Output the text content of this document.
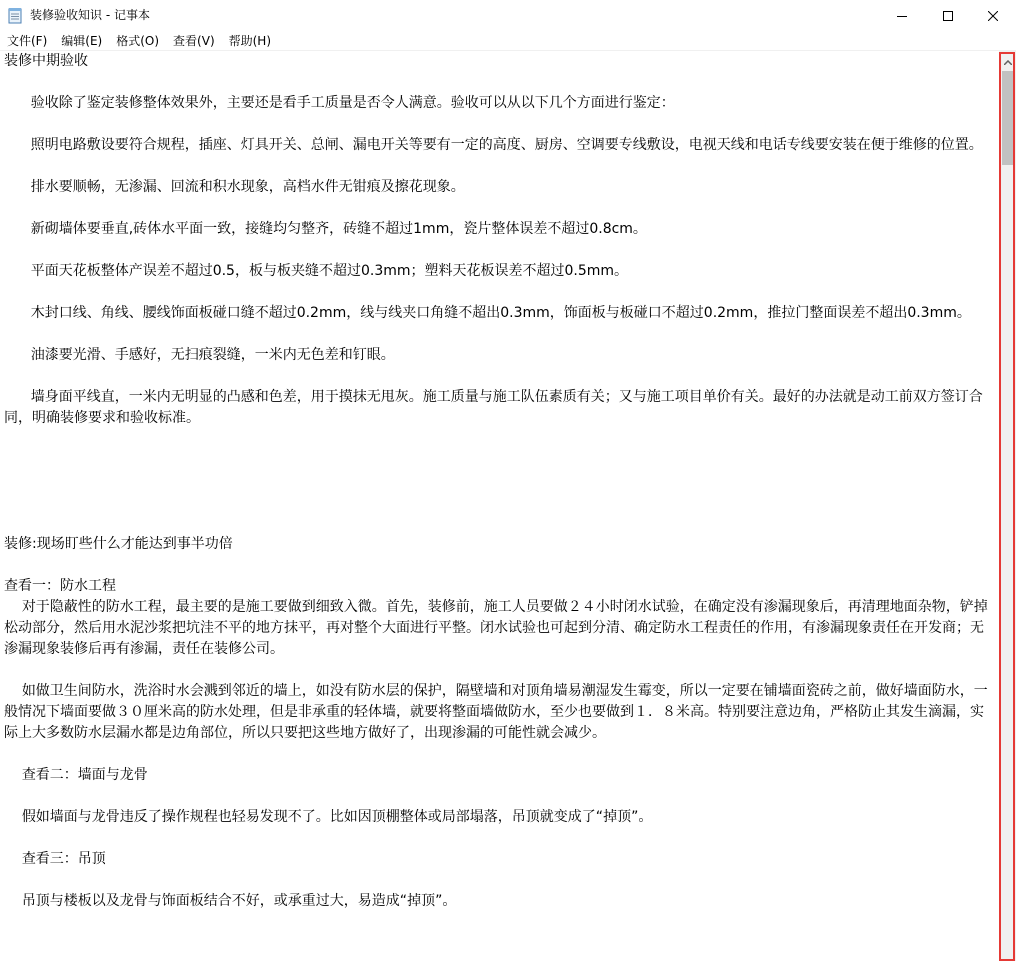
装修验收知识 - 记事本
文件(F)	编辑(E)	格式(O)	查看(V)	帮助(H)
装修中期验收
验收除了鉴定装修整体效果外，主要还是看手工质量是否令人满意。验收可以从以下几个方面进行鉴定：
照明电路敷设要符合规程，插座、灯具开关、总闸、漏电开关等要有一定的高度、厨房、空调要专线敷设，电视天线和电话专线要安装在便于维修的位置。
排水要顺畅，无渗漏、回流和积水现象，高档水件无钳痕及擦花现象。
新砌墙体要垂直,砖体水平面一致，接缝均匀整齐，砖缝不超过1mm，瓷片整体误差不超过0.8cm。
平面天花板整体产误差不超过0.5，板与板夹缝不超过0.3mm；塑料天花板误差不超过0.5mm。
木封口线、角线、腰线饰面板碰口缝不超过0.2mm，线与线夹口角缝不超出0.3mm，饰面板与板碰口不超过0.2mm，推拉门整面误差不超出0.3mm。
油漆要光滑、手感好，无扫痕裂缝，一米内无色差和钉眼。
墙身面平线直，一米内无明显的凸感和色差，用于摸抹无甩灰。施工质量与施工队伍素质有关；又与施工项目单价有关。最好的办法就是动工前双方签订合同，明确装修要求和验收标准。
装修:现场盯些什么才能达到事半功倍
查看一：防水工程
对于隐蔽性的防水工程，最主要的是施工要做到细致入微。首先，装修前，施工人员要做２４小时闭水试验，在确定没有渗漏现象后，再清理地面杂物，铲掉松动部分，然后用水泥沙浆把坑洼不平的地方抹平，再对整个大面进行平整。闭水试验也可起到分清、确定防水工程责任的作用，有渗漏现象责任在开发商；无渗漏现象装修后再有渗漏，责任在装修公司。
如做卫生间防水，洗浴时水会溅到邻近的墙上，如没有防水层的保护，隔壁墙和对顶角墙易潮湿发生霉变，所以一定要在铺墙面瓷砖之前，做好墙面防水，一般情况下墙面要做３０厘米高的防水处理，但是非承重的轻体墙，就要将整面墙做防水，至少也要做到１．８米高。特别要注意边角，严格防止其发生滴漏，实际上大多数防水层漏水都是边角部位，所以只要把这些地方做好了，出现渗漏的可能性就会减少。
查看二：墙面与龙骨
假如墙面与龙骨违反了操作规程也轻易发现不了。比如因顶棚整体或局部塌落，吊顶就变成了“掉顶”。
查看三：吊顶
吊顶与楼板以及龙骨与饰面板结合不好，或承重过大，易造成“掉顶”。
